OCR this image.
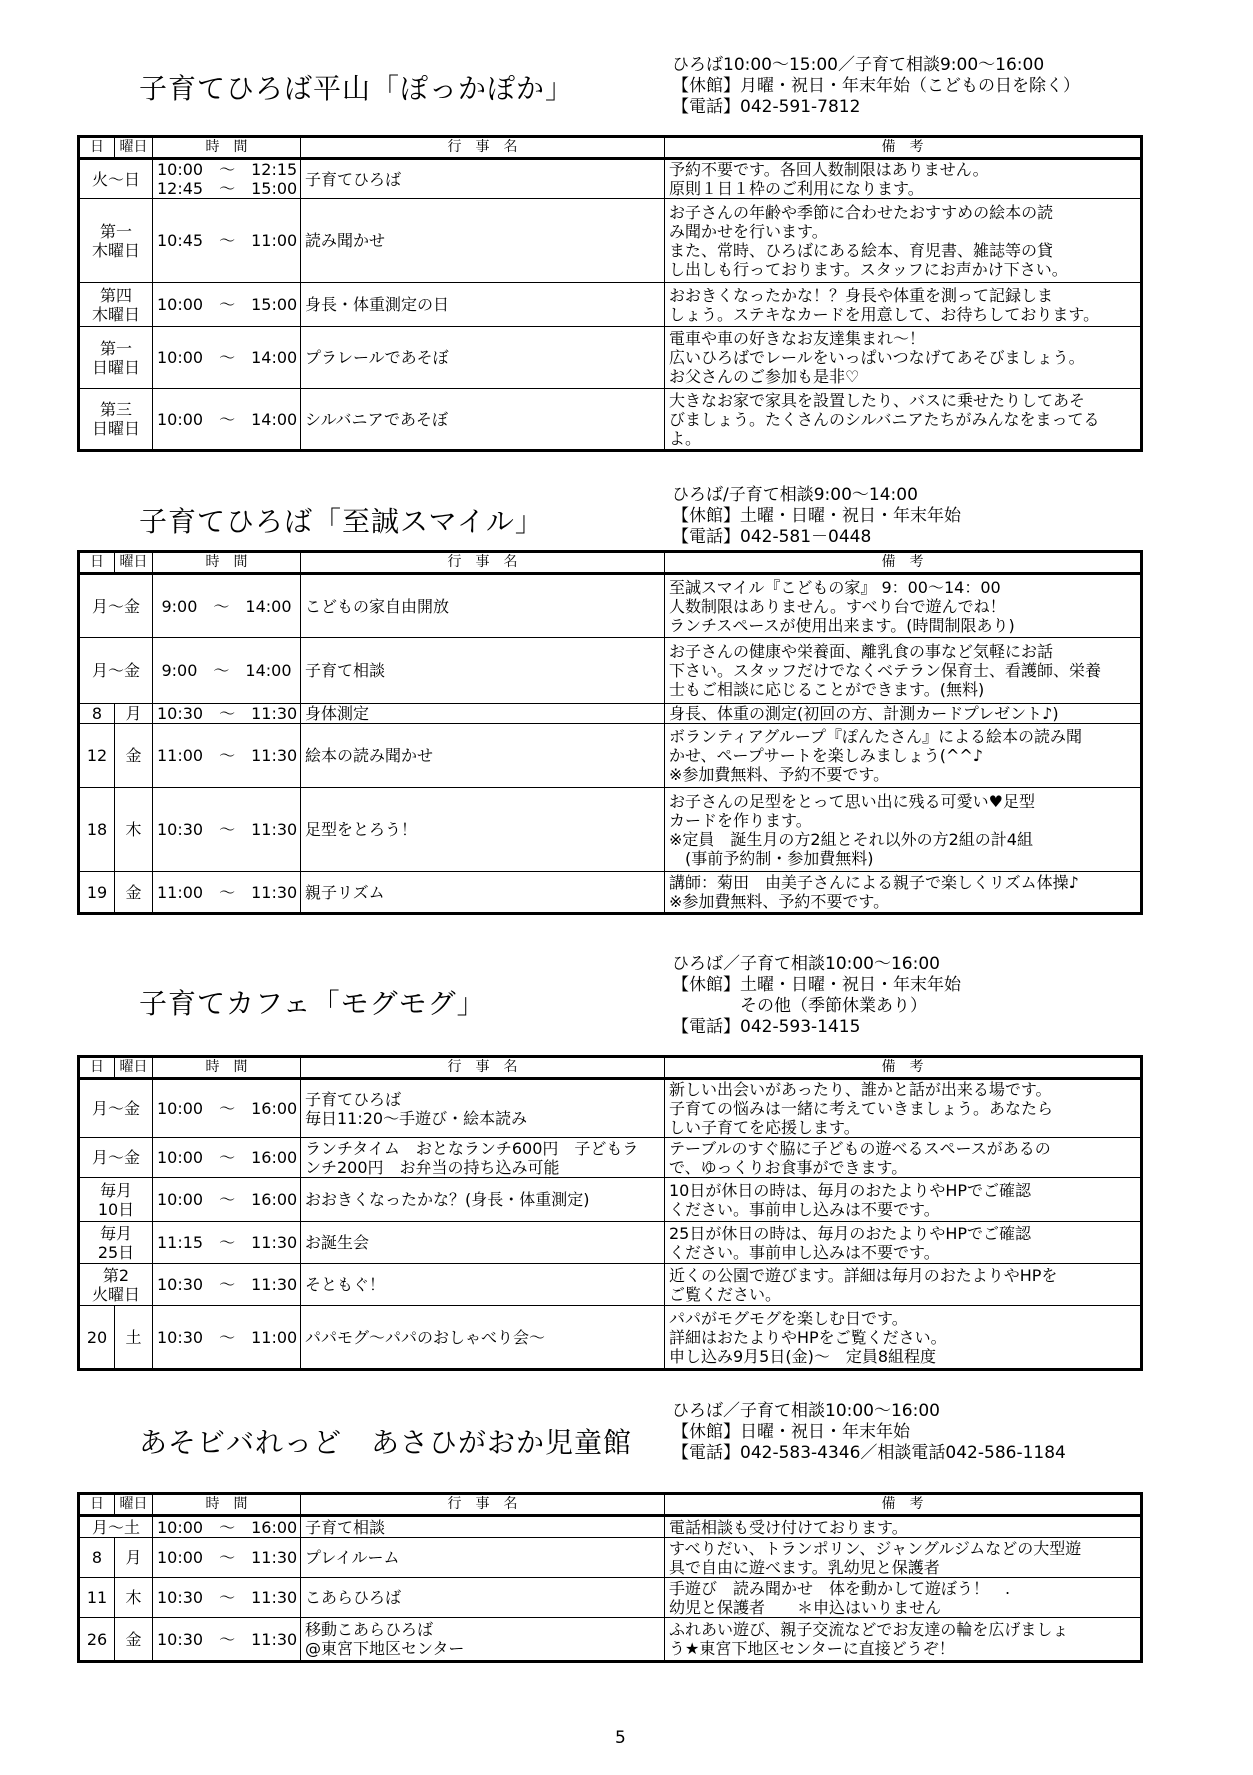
子育てひろば平山「ぽっかぽか」
ひろば10:00～15:00／子育て相談9:00～16:00
【休館】月曜・祝日・年末年始（こどもの日を除く）
【電話】042-591-7812
日	曜日	時　間	行　事　名	備　考

火～日		10:00　～　12:15
12:45　～　15:00	子育てひろば	予約不要です。各回人数制限はありません。
原則１日１枠のご利用になります。

第一
木曜日		10:45　～　11:00	読み聞かせ	お子さんの年齢や季節に合わせたおすすめの絵本の読
み聞かせを行います。
また、常時、ひろばにある絵本、育児書、雑誌等の貸
し出しも行っております。スタッフにお声かけ下さい。

第四
木曜日		10:00　～　15:00	身長・体重測定の日	おおきくなったかな！？身長や体重を測って記録しま
しょう。ステキなカードを用意して、お待ちしております。

第一
日曜日		10:00　～　14:00	プラレールであそぼ	電車や車の好きなお友達集まれ～！
広いひろばでレールをいっぱいつなげてあそびましょう。
お父さんのご参加も是非♡

第三
日曜日		10:00　～　14:00	シルバニアであそぼ	大きなお家で家具を設置したり、バスに乗せたりしてあそ
びましょう。たくさんのシルバニアたちがみんなをまってる
よ。
子育てひろば「至誠スマイル」
ひろば/子育て相談9:00～14:00
【休館】土曜・日曜・祝日・年末年始
【電話】042-581－0448
日	曜日	時　間	行　事　名	備　考

月～金		9:00　～　14:00	こどもの家自由開放	至誠スマイル『こどもの家』 9：00～14：00
人数制限はありません。すべり台で遊んでね！
ランチスペースが使用出来ます。(時間制限あり)

月～金		9:00　～　14:00	子育て相談	お子さんの健康や栄養面、離乳食の事など気軽にお話
下さい。スタッフだけでなくベテラン保育士、看護師、栄養
士もご相談に応じることができます。(無料)

8	月	10:30　～　11:30	身体測定	身長、体重の測定(初回の方、計測カードプレゼント♪)

12	金	11:00　～　11:30	絵本の読み聞かせ	ボランティアグループ『ぽんたさん』による絵本の読み聞
かせ、ペープサートを楽しみましょう(^^♪
※参加費無料、予約不要です。

18	木	10:30　～　11:30	足型をとろう！	お子さんの足型をとって思い出に残る可愛い♥足型
カードを作ります。
※定員　誕生月の方2組とそれ以外の方2組の計4組
　(事前予約制・参加費無料)

19	金	11:00　～　11:30	親子リズム	講師：菊田　由美子さんによる親子で楽しくリズム体操♪
※参加費無料、予約不要です。
子育てカフェ「モグモグ」
ひろば／子育て相談10:00～16:00
【休館】土曜・日曜・祝日・年末年始
　　　　その他（季節休業あり）
【電話】042-593-1415
日	曜日	時　間	行　事　名	備　考

月～金		10:00　～　16:00	子育てひろば
毎日11:20～手遊び・絵本読み	新しい出会いがあったり、誰かと話が出来る場です。
子育ての悩みは一緒に考えていきましょう。あなたら
しい子育てを応援します。

月～金		10:00　～　16:00	ランチタイム　おとなランチ600円　子どもラ
ンチ200円　お弁当の持ち込み可能	テーブルのすぐ脇に子どもの遊べるスペースがあるの
で、ゆっくりお食事ができます。

毎月
10日		10:00　～　16:00	おおきくなったかな？(身長・体重測定)	10日が休日の時は、毎月のおたよりやHPでご確認
ください。事前申し込みは不要です。

毎月
25日		11:15　～　11:30	お誕生会	25日が休日の時は、毎月のおたよりやHPでご確認
ください。事前申し込みは不要です。

第2
火曜日		10:30　～　11:30	そともぐ！	近くの公園で遊びます。詳細は毎月のおたよりやHPを
ご覧ください。

20	土	10:30　～　11:00	パパモグ～パパのおしゃべり会～	パパがモグモグを楽しむ日です。
詳細はおたよりやHPをご覧ください。
申し込み9月5日(金)～　定員8組程度
あそビバれっど　あさひがおか児童館
ひろば／子育て相談10:00～16:00
【休館】日曜・祝日・年末年始
【電話】042-583-4346／相談電話042-586-1184
日	曜日	時　間	行　事　名	備　考

月～土		10:00　～　16:00	子育て相談	電話相談も受け付けております。

8	月	10:00　～　11:30	プレイルーム	すべりだい、トランポリン、ジャングルジムなどの大型遊
具で自由に遊べます。乳幼児と保護者

11	木	10:30　～　11:30	こあらひろば	手遊び　読み聞かせ　体を動かして遊ぼう！　.
幼児と保護者　　＊申込はいりません

26	金	10:30　～　11:30	移動こあらひろば
@東宮下地区センター	ふれあい遊び、親子交流などでお友達の輪を広げましょ
う★東宮下地区センターに直接どうぞ！
5
